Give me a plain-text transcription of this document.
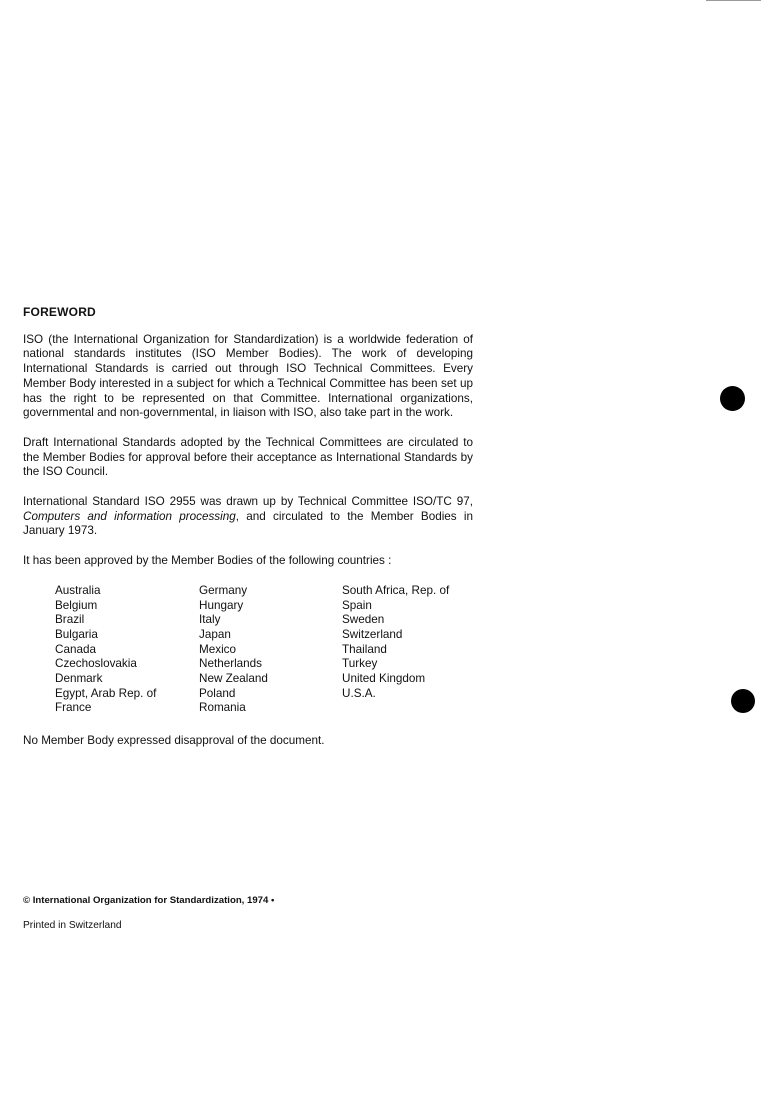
FOREWORD

ISO (the International Organization for Standardization) is a worldwide federation of national standards institutes (ISO Member Bodies). The work of developing International Standards is carried out through ISO Technical Committees. Every Member Body interested in a subject for which a Technical Committee has been set up has the right to be represented on that Committee. International organizations, governmental and non-governmental, in liaison with ISO, also take part in the work.

Draft International Standards adopted by the Technical Committees are circulated to the Member Bodies for approval before their acceptance as International Standards by the ISO Council.

International Standard ISO 2955 was drawn up by Technical Committee ISO/TC 97, Computers and information processing, and circulated to the Member Bodies in January 1973.

It has been approved by the Member Bodies of the following countries :

Australia
Belgium
Brazil
Bulgaria
Canada
Czechoslovakia
Denmark
Egypt, Arab Rep. of
France
Germany
Hungary
Italy
Japan
Mexico
Netherlands
New Zealand
Poland
Romania
South Africa, Rep. of
Spain
Sweden
Switzerland
Thailand
Turkey
United Kingdom
U.S.A.

No Member Body expressed disapproval of the document.

© International Organization for Standardization, 1974 •
Printed in Switzerland
